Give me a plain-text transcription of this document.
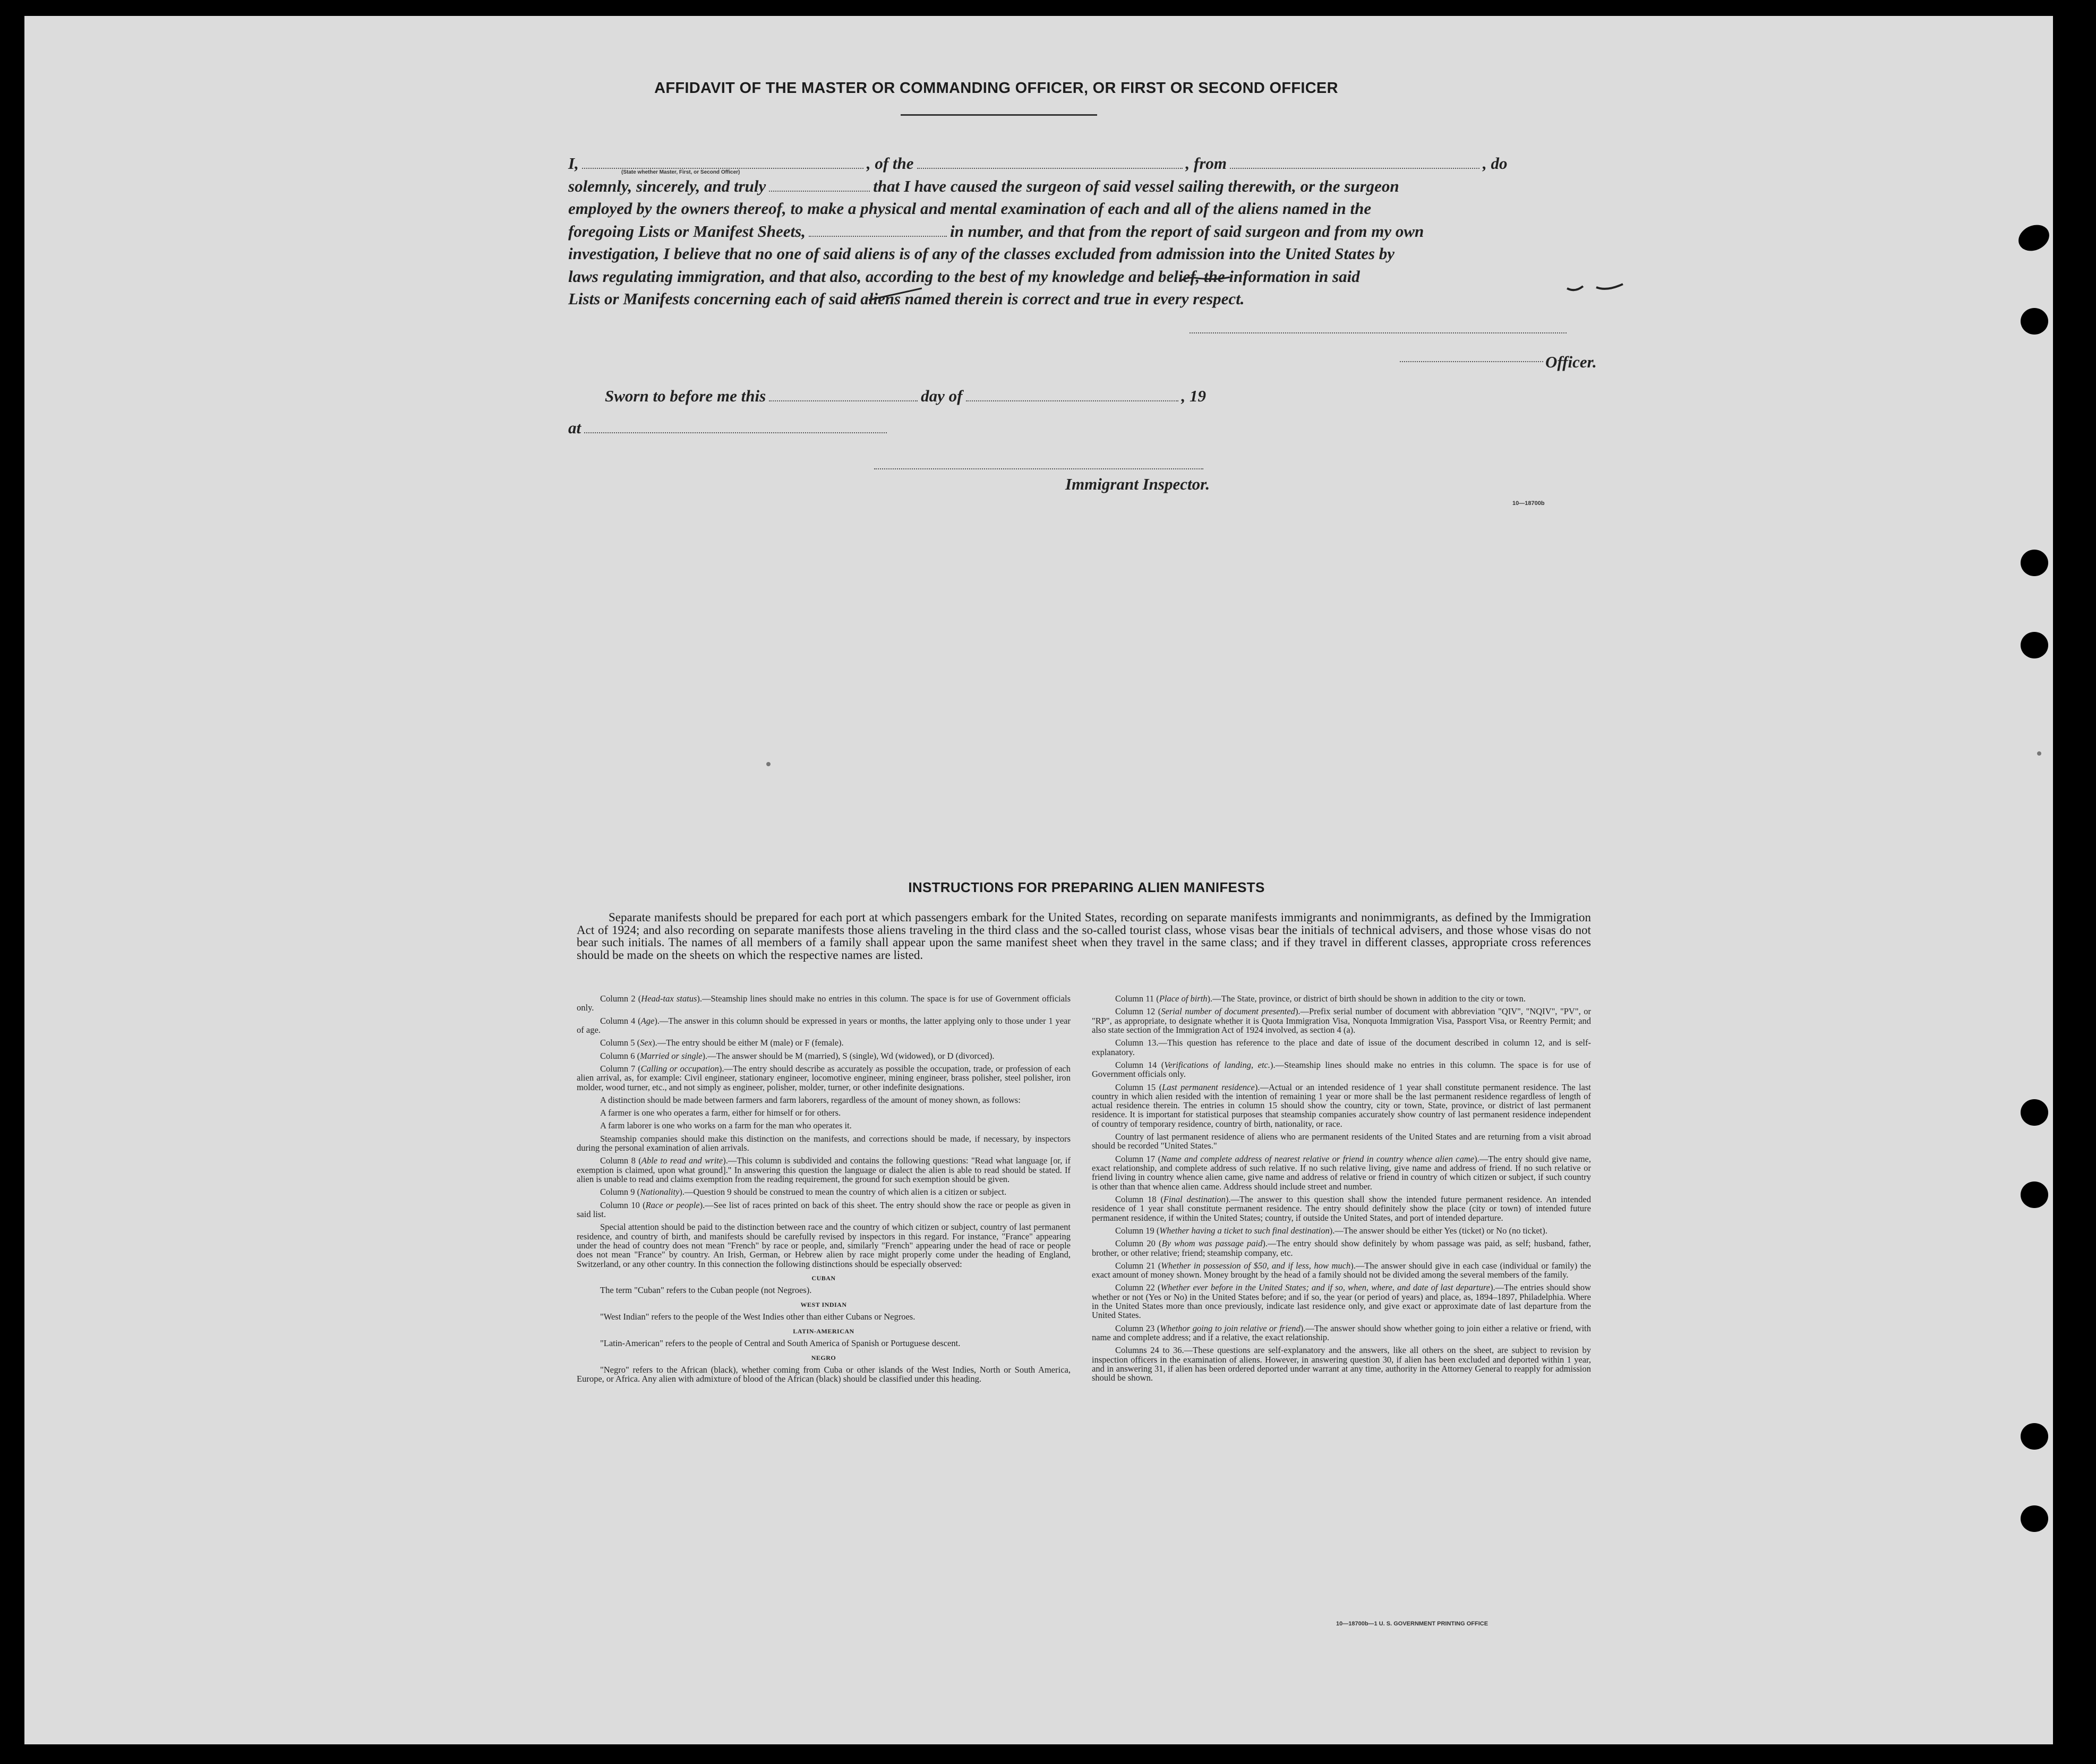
AFFIDAVIT OF THE MASTER OR COMMANDING OFFICER, OR FIRST OR SECOND OFFICER
I,	, of the	, from	, do
(State whether Master, First, or Second Officer)
solemnly, sincerely, and truly	that I have caused the surgeon of said vessel sailing therewith, or the surgeon
employed by the owners thereof, to make a physical and mental examination of each and all of the aliens named in the
foregoing Lists or Manifest Sheets,	in number, and that from the report of said surgeon and from my own
investigation, I believe that no one of said aliens is of any of the classes excluded from admission into the United States by
laws regulating immigration, and that also, according to the best of my knowledge and belief, the information in said
Lists or Manifests concerning each of said aliens named therein is correct and true in every respect.
Officer.
Sworn to before me this	day of	, 19
at
Immigrant Inspector.
10—18700b
INSTRUCTIONS FOR PREPARING ALIEN MANIFESTS

Separate manifests should be prepared for each port at which passengers embark for the United States, recording on separate manifests immigrants and nonimmigrants, as defined by the Immigration Act of 1924; and also recording on separate manifests those aliens traveling in the third class and the so-called tourist class, whose visas bear the initials of technical advisers, and those whose visas do not bear such initials. The names of all members of a family shall appear upon the same manifest sheet when they travel in the same class; and if they travel in different classes, appropriate cross references should be made on the sheets on which the respective names are listed.

Column 2 (Head-tax status).—Steamship lines should make no entries in this column. The space is for use of Government officials only.

Column 4 (Age).—The answer in this column should be expressed in years or months, the latter applying only to those under 1 year of age.

Column 5 (Sex).—The entry should be either M (male) or F (female).

Column 6 (Married or single).—The answer should be M (married), S (single), Wd (widowed), or D (divorced).

Column 7 (Calling or occupation).—The entry should describe as accurately as possible the occupation, trade, or profession of each alien arrival, as, for example: Civil engineer, stationary engineer, locomotive engineer, mining engineer, brass polisher, steel polisher, iron molder, wood turner, etc., and not simply as engineer, polisher, molder, turner, or other indefinite designations.

A distinction should be made between farmers and farm laborers, regardless of the amount of money shown, as follows:

A farmer is one who operates a farm, either for himself or for others.

A farm laborer is one who works on a farm for the man who operates it.

Steamship companies should make this distinction on the manifests, and corrections should be made, if necessary, by inspectors during the personal examination of alien arrivals.

Column 8 (Able to read and write).—This column is subdivided and contains the following questions: "Read what language [or, if exemption is claimed, upon what ground]." In answering this question the language or dialect the alien is able to read should be stated. If alien is unable to read and claims exemption from the reading requirement, the ground for such exemption should be given.

Column 9 (Nationality).—Question 9 should be construed to mean the country of which alien is a citizen or subject.

Column 10 (Race or people).—See list of races printed on back of this sheet. The entry should show the race or people as given in said list.

Special attention should be paid to the distinction between race and the country of which citizen or subject, country of last permanent residence, and country of birth, and manifests should be carefully revised by inspectors in this regard. For instance, "France" appearing under the head of country does not mean "French" by race or people, and, similarly "French" appearing under the head of race or people does not mean "France" by country. An Irish, German, or Hebrew alien by race might properly come under the heading of England, Switzerland, or any other country. In this connection the following distinctions should be especially observed:

CUBAN

The term "Cuban" refers to the Cuban people (not Negroes).

WEST INDIAN

"West Indian" refers to the people of the West Indies other than either Cubans or Negroes.

LATIN-AMERICAN

"Latin-American" refers to the people of Central and South America of Spanish or Portuguese descent.

NEGRO

"Negro" refers to the African (black), whether coming from Cuba or other islands of the West Indies, North or South America, Europe, or Africa. Any alien with admixture of blood of the African (black) should be classified under this heading.

Column 11 (Place of birth).—The State, province, or district of birth should be shown in addition to the city or town.

Column 12 (Serial number of document presented).—Prefix serial number of document with abbreviation "QIV", "NQIV", "PV", or "RP", as appropriate, to designate whether it is Quota Immigration Visa, Nonquota Immigration Visa, Passport Visa, or Reentry Permit; and also state section of the Immigration Act of 1924 involved, as section 4 (a).

Column 13.—This question has reference to the place and date of issue of the document described in column 12, and is self-explanatory.

Column 14 (Verifications of landing, etc.).—Steamship lines should make no entries in this column. The space is for use of Government officials only.

Column 15 (Last permanent residence).—Actual or an intended residence of 1 year shall constitute permanent residence. The last country in which alien resided with the intention of remaining 1 year or more shall be the last permanent residence regardless of length of actual residence therein. The entries in column 15 should show the country, city or town, State, province, or district of last permanent residence. It is important for statistical purposes that steamship companies accurately show country of last permanent residence independent of country of temporary residence, country of birth, nationality, or race.

Country of last permanent residence of aliens who are permanent residents of the United States and are returning from a visit abroad should be recorded "United States."

Column 17 (Name and complete address of nearest relative or friend in country whence alien came).—The entry should give name, exact relationship, and complete address of such relative. If no such relative living, give name and address of friend. If no such relative or friend living in country whence alien came, give name and address of relative or friend in country of which citizen or subject, if such country is other than that whence alien came. Address should include street and number.

Column 18 (Final destination).—The answer to this question shall show the intended future permanent residence. An intended residence of 1 year shall constitute permanent residence. The entry should definitely show the place (city or town) of intended future permanent residence, if within the United States; country, if outside the United States, and port of intended departure.

Column 19 (Whether having a ticket to such final destination).—The answer should be either Yes (ticket) or No (no ticket).

Column 20 (By whom was passage paid).—The entry should show definitely by whom passage was paid, as self; husband, father, brother, or other relative; friend; steamship company, etc.

Column 21 (Whether in possession of $50, and if less, how much).—The answer should give in each case (individual or family) the exact amount of money shown. Money brought by the head of a family should not be divided among the several members of the family.

Column 22 (Whether ever before in the United States; and if so, when, where, and date of last departure).—The entries should show whether or not (Yes or No) in the United States before; and if so, the year (or period of years) and place, as, 1894–1897, Philadelphia. Where in the United States more than once previously, indicate last residence only, and give exact or approximate date of last departure from the United States.

Column 23 (Whethor going to join relative or friend).—The answer should show whether going to join either a relative or friend, with name and complete address; and if a relative, the exact relationship.

Columns 24 to 36.—These questions are self-explanatory and the answers, like all others on the sheet, are subject to revision by inspection officers in the examination of aliens. However, in answering question 30, if alien has been excluded and deported within 1 year, and in answering 31, if alien has been ordered deported under warrant at any time, authority in the Attorney General to reapply for admission should be shown.

10—18700b—1 U. S. GOVERNMENT PRINTING OFFICE
